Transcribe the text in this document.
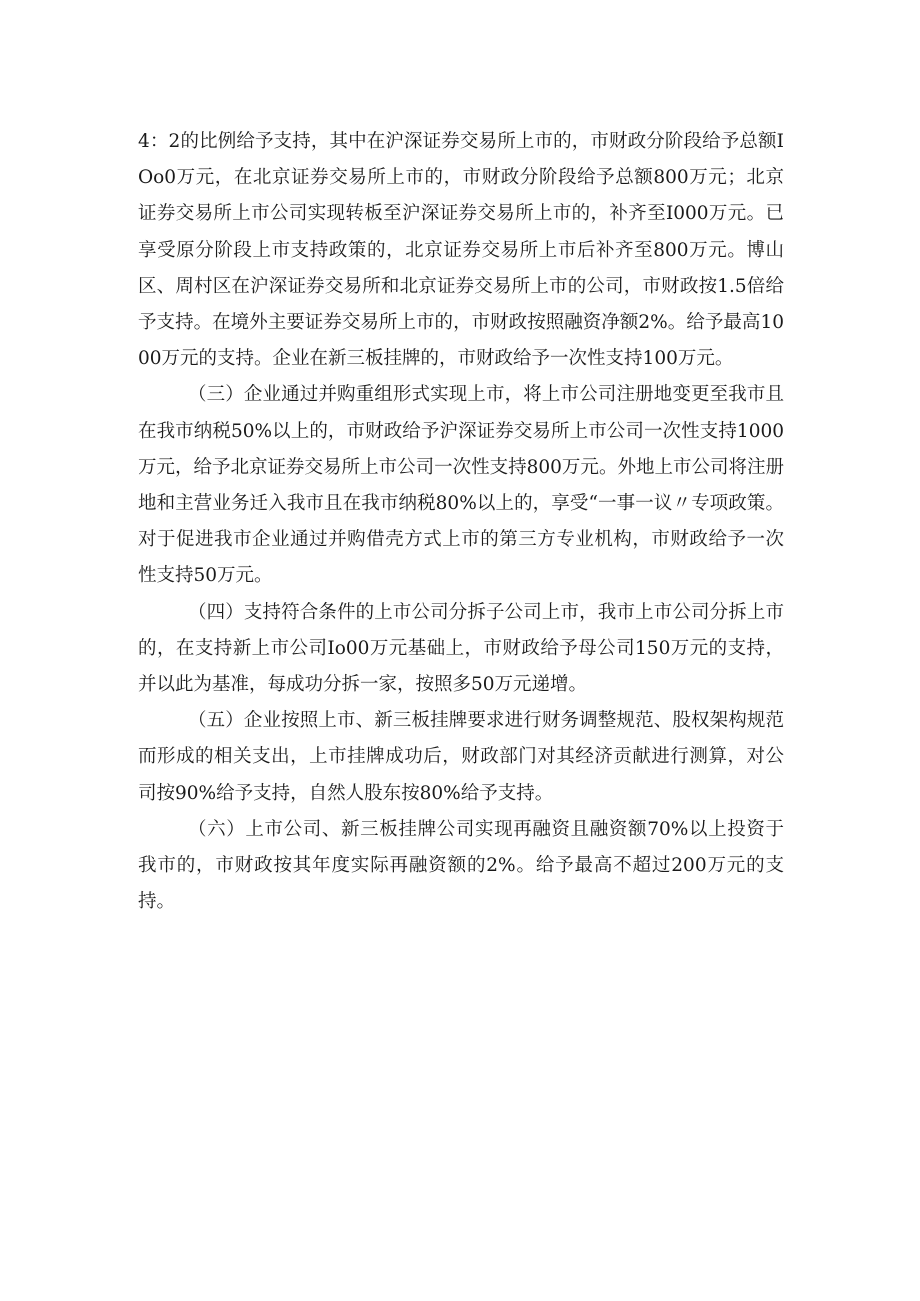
4：2的比例给予支持，其中在沪深证券交易所上市的，市财政分阶段给予总额IOo0万元，在北京证券交易所上市的，市财政分阶段给予总额800万元；北京证券交易所上市公司实现转板至沪深证券交易所上市的，补齐至I000万元。已享受原分阶段上市支持政策的，北京证券交易所上市后补齐至800万元。博山区、周村区在沪深证券交易所和北京证券交易所上市的公司，市财政按1.5倍给予支持。在境外主要证券交易所上市的，市财政按照融资净额2%。给予最高1000万元的支持。企业在新三板挂牌的，市财政给予一次性支持100万元。

（三）企业通过并购重组形式实现上市，将上市公司注册地变更至我市且在我市纳税50%以上的，市财政给予沪深证券交易所上市公司一次性支持1000万元，给予北京证券交易所上市公司一次性支持800万元。外地上市公司将注册地和主营业务迁入我市且在我市纳税80%以上的，享受“一事一议〃专项政策。对于促进我市企业通过并购借壳方式上市的第三方专业机构，市财政给予一次性支持50万元。

（四）支持符合条件的上市公司分拆子公司上市，我市上市公司分拆上市的，在支持新上市公司Io00万元基础上，市财政给予母公司150万元的支持，并以此为基准，每成功分拆一家，按照多50万元递增。

（五）企业按照上市、新三板挂牌要求进行财务调整规范、股权架构规范而形成的相关支出，上市挂牌成功后，财政部门对其经济贡献进行测算，对公司按90%给予支持，自然人股东按80%给予支持。

（六）上市公司、新三板挂牌公司实现再融资且融资额70%以上投资于我市的，市财政按其年度实际再融资额的2%。给予最高不超过200万元的支持。
